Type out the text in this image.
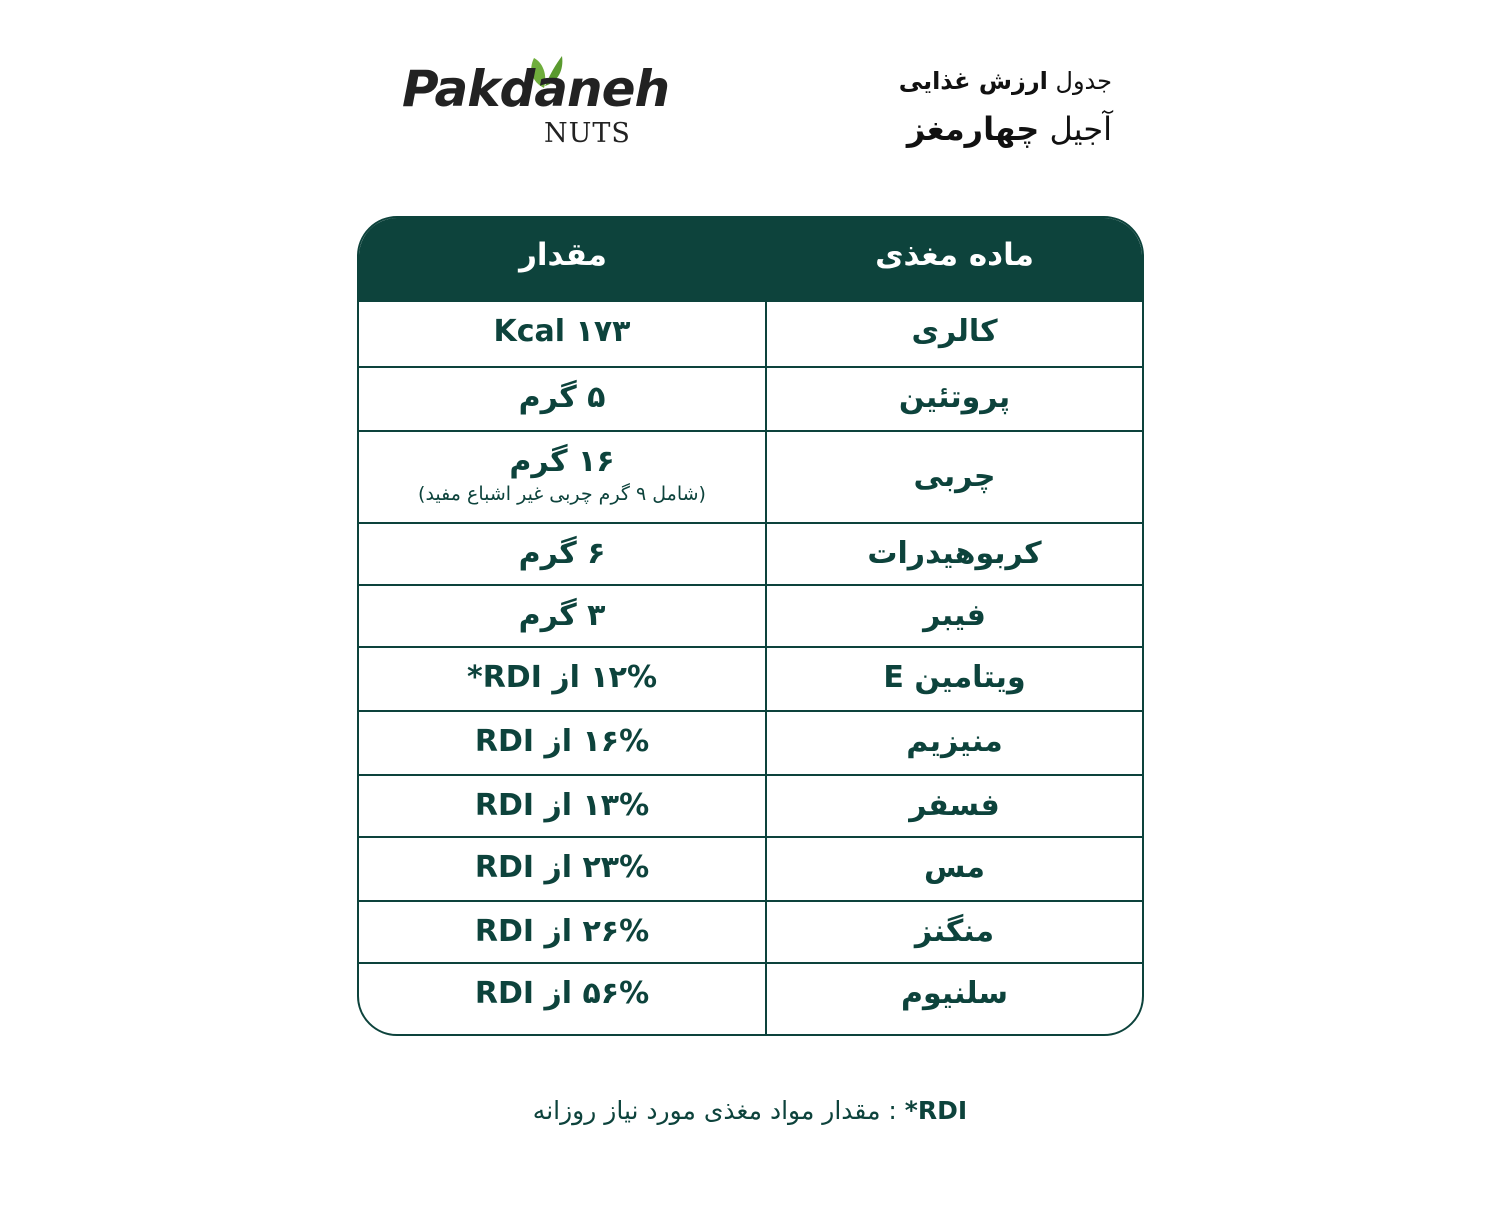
Pakdaneh
NUTS
جدول ارزش غذایی
آجیل چهارمغز
ماده مغذی
مقدار
کالری
Kcal ۱۷۳
پروتئین
۵ گرم
چربی
۱۶ گرم
(شامل ۹ گرم چربی غیر اشباع مفید)
کربوهیدرات
۶ گرم
فیبر
۳ گرم
ویتامین E
۱۲% از RDI*
منیزیم
۱۶% از RDI
فسفر
۱۳% از RDI
مس
۲۳% از RDI
منگنز
۲۶% از RDI
سلنیوم
۵۶% از RDI
RDI* : مقدار مواد مغذی مورد نیاز روزانه
